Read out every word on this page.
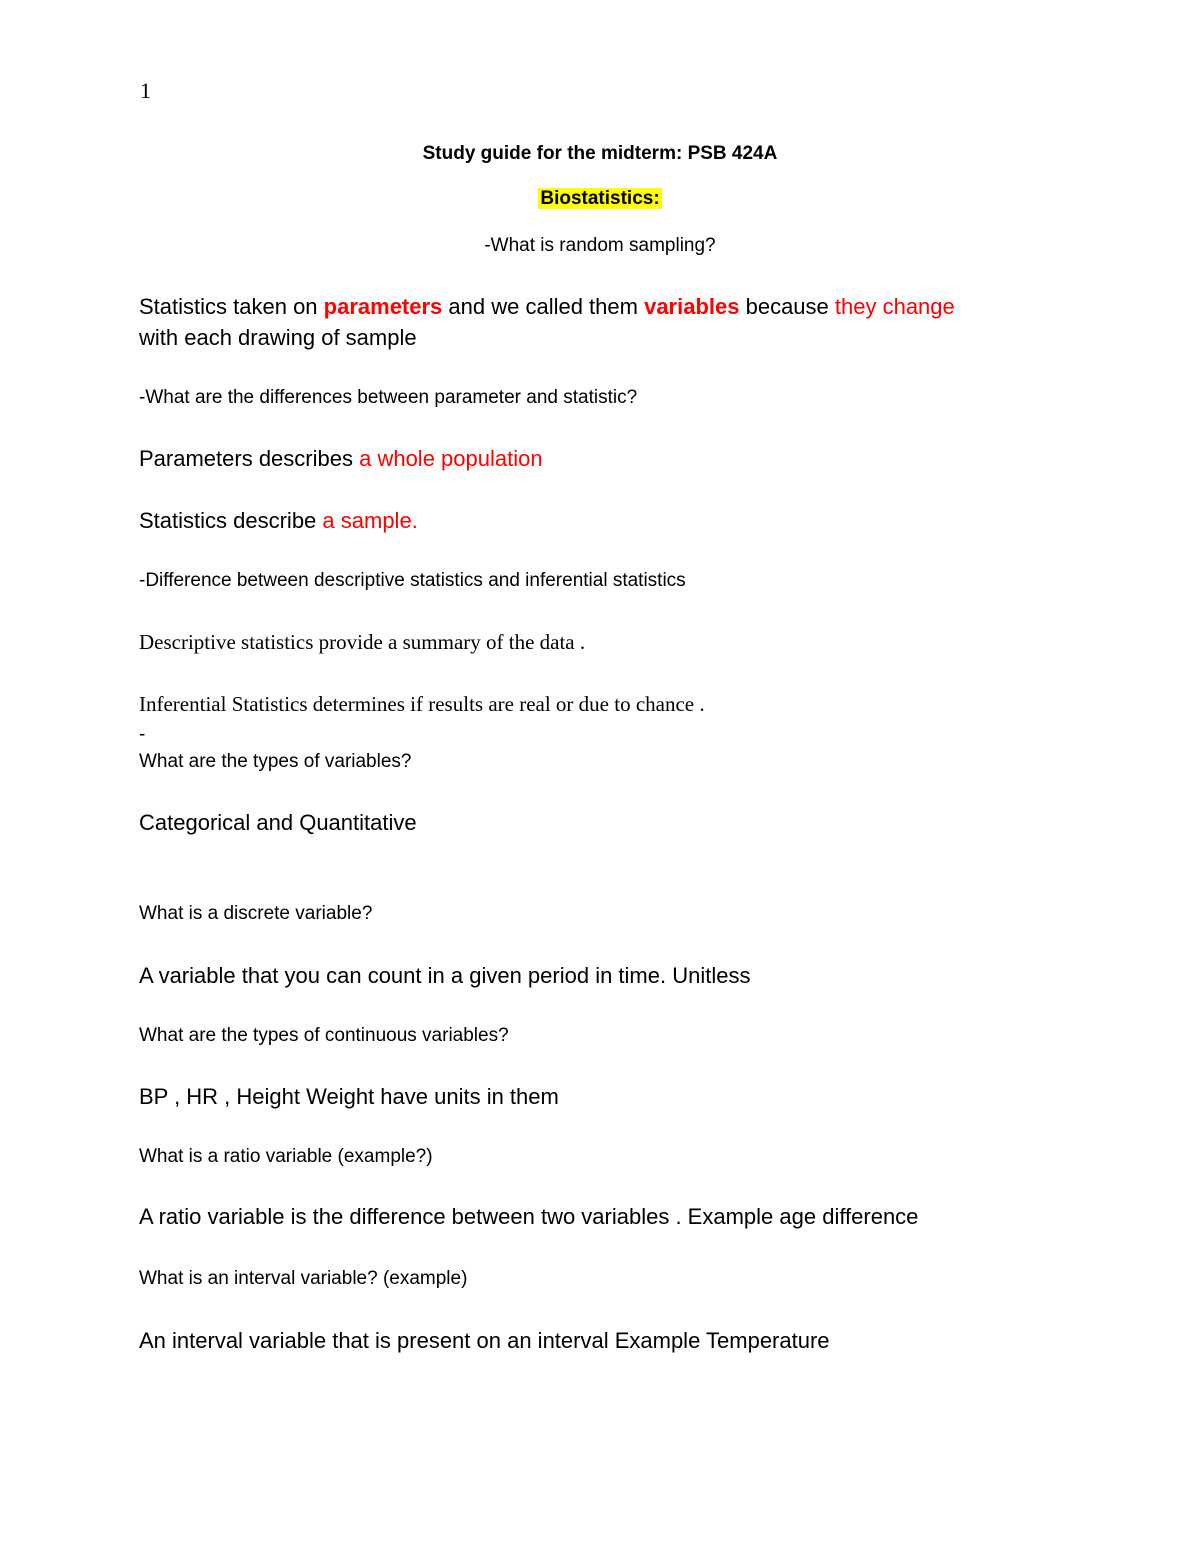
1
Study guide for the midterm: PSB 424A
Biostatistics:
-What is random sampling?
Statistics taken on parameters and we called them variables because they change
with each drawing of sample
-What are the differences between parameter and statistic?
Parameters describes a whole population
Statistics describe a sample.
-Difference between descriptive statistics and inferential statistics
Descriptive statistics provide a summary of the data .
Inferential Statistics determines if results are real or due to chance .
-
What are the types of variables?
Categorical and Quantitative
What is a discrete variable?
A variable that you can count in a given period in time. Unitless
What are the types of continuous variables?
BP , HR , Height Weight have units in them
What is a ratio variable (example?)
A ratio variable is the difference between two variables . Example age difference
What is an interval variable? (example)
An interval variable that is present on an interval Example Temperature
